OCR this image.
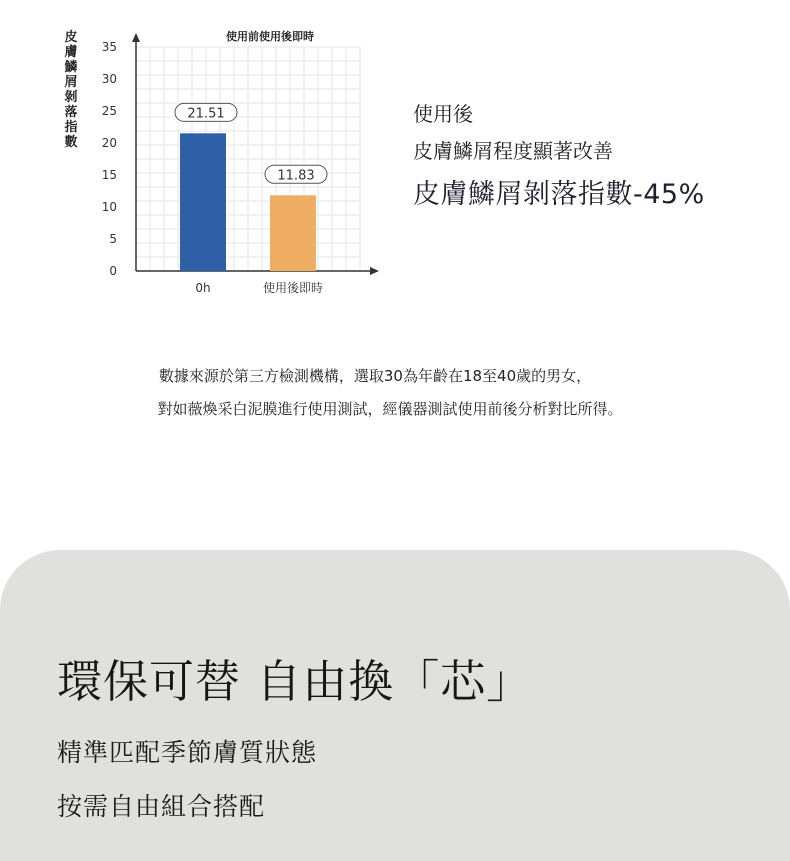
0
5
10
15
20
25
30
35
使用前使用後即時
21.51
0h
11.83
使用後即時
皮膚鱗屑剝落指數
使用後
皮膚鱗屑程度顯著改善
皮膚鱗屑剝落指數-45%
數據來源於第三方檢測機構，選取30為年齡在18至40歲的男女，
對如薇煥采白泥膜進行使用測試，經儀器測試使用前後分析對比所得。
環保可替 自由換「芯」
精準匹配季節膚質狀態
按需自由組合搭配
